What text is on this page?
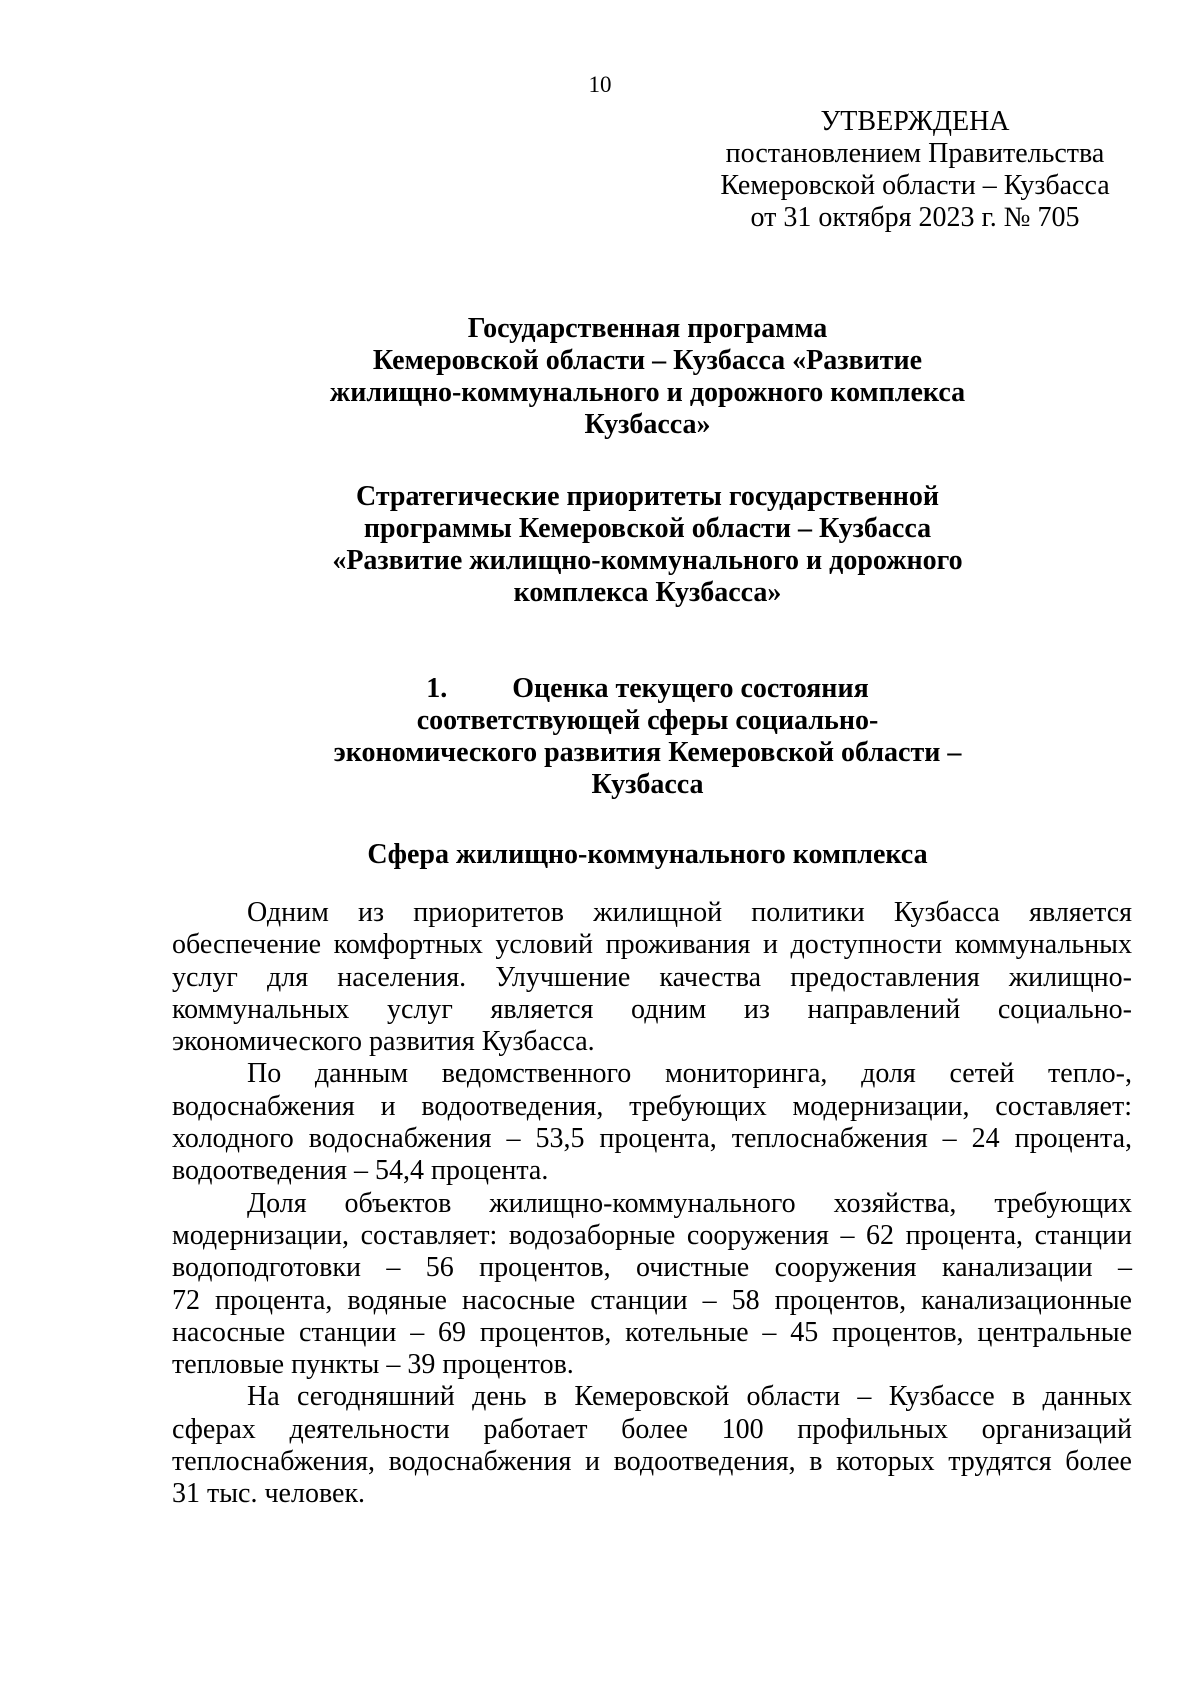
10
УТВЕРЖДЕНА
постановлением Правительства
Кемеровской области – Кузбасса
от 31 октября 2023 г. № 705
Государственная программа
Кемеровской области – Кузбасса «Развитие
жилищно-коммунального и дорожного комплекса
Кузбасса»
Стратегические приоритеты государственной
программы Кемеровской области – Кузбасса
«Развитие жилищно-коммунального и дорожного
комплекса Кузбасса»
1. Оценка текущего состояния
соответствующей сферы социально-
экономического развития Кемеровской области –
Кузбасса
Сфера жилищно-коммунального комплекса
Одним из приоритетов жилищной политики Кузбасса является
обеспечение комфортных условий проживания и доступности коммунальных
услуг для населения. Улучшение качества предоставления жилищно-
коммунальных услуг является одним из направлений социально-
экономического развития Кузбасса.
По данным ведомственного мониторинга, доля сетей тепло-,
водоснабжения и водоотведения, требующих модернизации, составляет:
холодного водоснабжения – 53,5 процента, теплоснабжения – 24 процента,
водоотведения – 54,4 процента.
Доля объектов жилищно-коммунального хозяйства, требующих
модернизации, составляет: водозаборные сооружения – 62 процента, станции
водоподготовки – 56 процентов, очистные сооружения канализации –
72 процента, водяные насосные станции – 58 процентов, канализационные
насосные станции – 69 процентов, котельные – 45 процентов, центральные
тепловые пункты – 39 процентов.
На сегодняшний день в Кемеровской области – Кузбассе в данных
сферах деятельности работает более 100 профильных организаций
теплоснабжения, водоснабжения и водоотведения, в которых трудятся более
31 тыс. человек.
